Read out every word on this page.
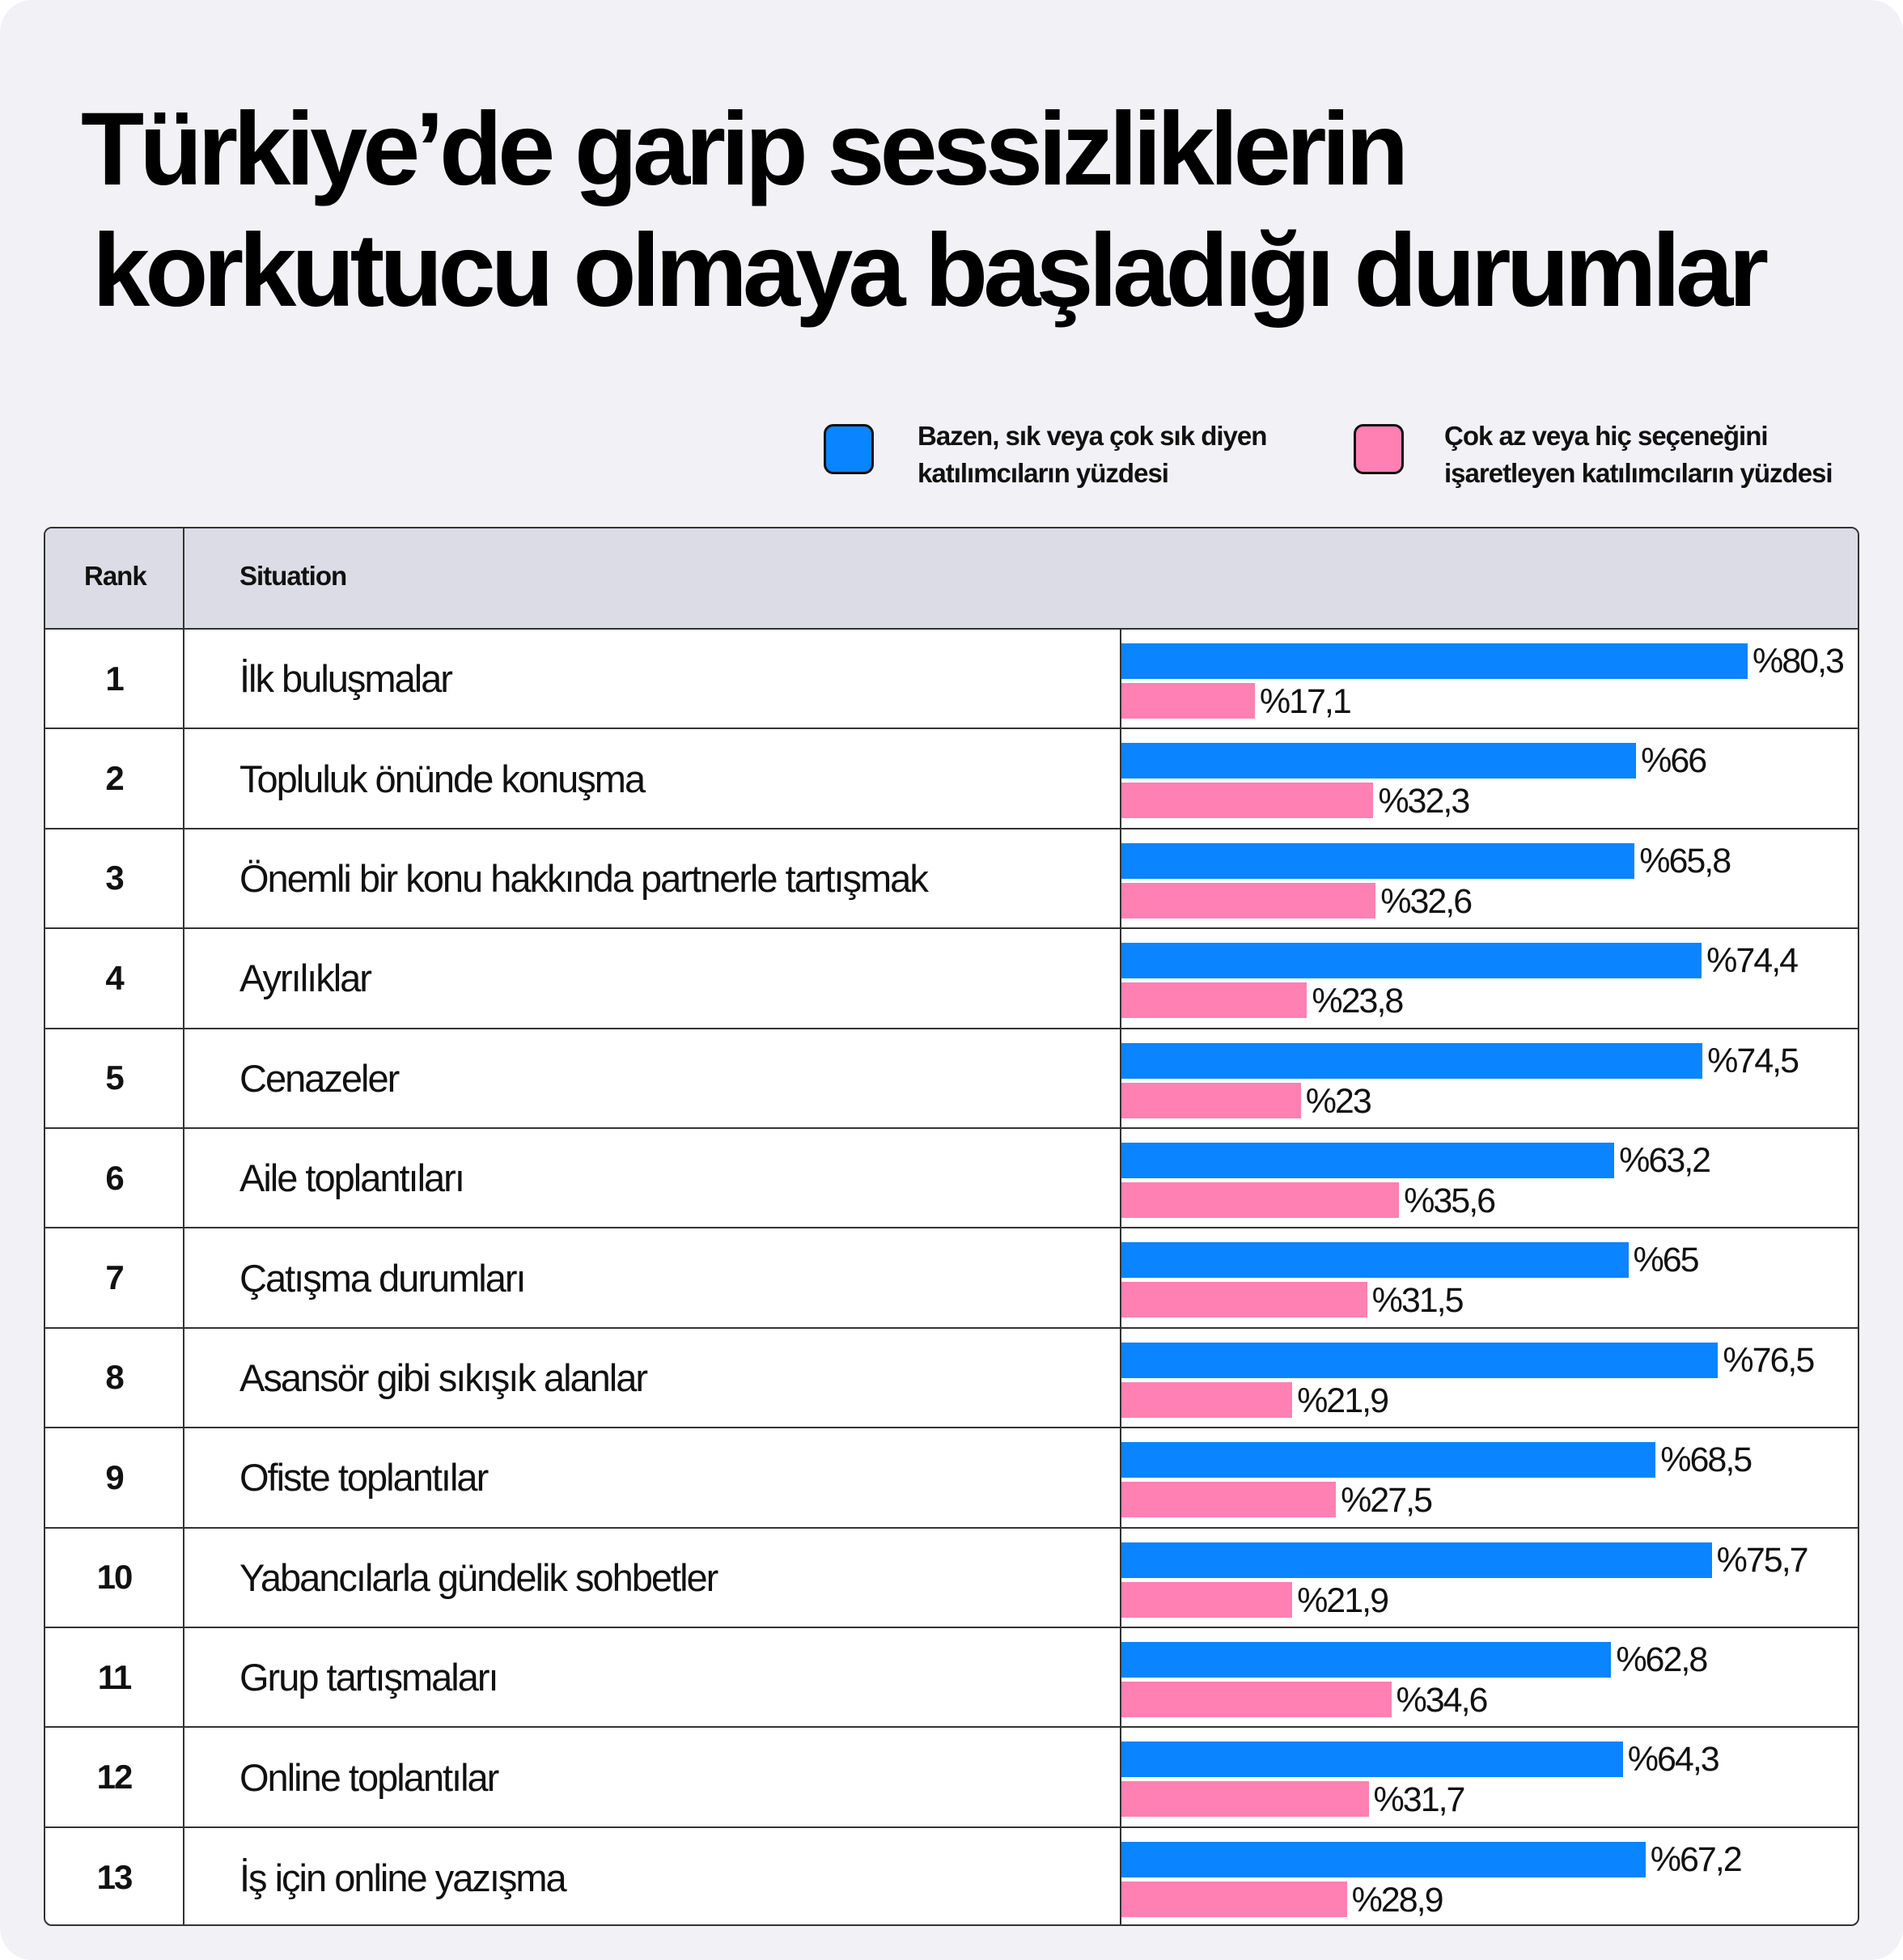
Türkiye’de garip sessizliklerin
korkutucu olmaya başladığı durumlar
Bazen, sık veya çok sık diyen
katılımcıların yüzdesi
Çok az veya hiç seçeneğini
işaretleyen katılımcıların yüzdesi
Rank	Situation
1	İlk buluşmalar	%80,3
%17,1
2	Topluluk önünde konuşma	%66
%32,3
3	Önemli bir konu hakkında partnerle tartışmak	%65,8
%32,6
4	Ayrılıklar	%74,4
%23,8
5	Cenazeler	%74,5
%23
6	Aile toplantıları	%63,2
%35,6
7	Çatışma durumları	%65
%31,5
8	Asansör gibi sıkışık alanlar	%76,5
%21,9
9	Ofiste toplantılar	%68,5
%27,5
10	Yabancılarla gündelik sohbetler	%75,7
%21,9
11	Grup tartışmaları	%62,8
%34,6
12	Online toplantılar	%64,3
%31,7
13	İş için online yazışma	%67,2
%28,9
